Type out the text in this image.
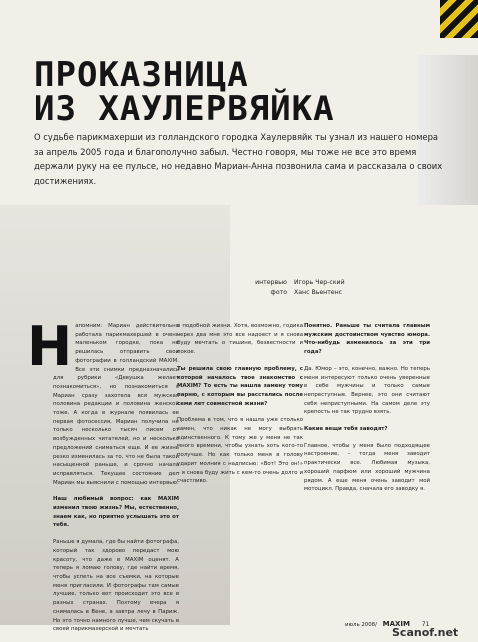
ПРОКАЗНИЦА
ИЗ ХАУЛЕРВЯЙКА
О судьбе парикмахерши из голландского городка Хаулервяйк ты узнал из нашего номера за апрель 2005 года и благополучно забыл. Честно говоря, мы тоже не все это время держали руку на ее пульсе, но недавно Мариан-Анна позвонила сама и рассказала о своих достижениях.
интервью Игорь Чер-ский
фото Ханс Вьентенс

Напомним: Мариан действительно работала парикмахершей в очень маленьком городке, пока не решилась отправить свои фотографии в голландский MAXIM. Все эти снимки предназначались для рубрики «Девушка желает познакомиться», но познакомиться с Мариан сразу захотела вся мужская половина редакции и половина женской тоже. А когда в журнале появилась ее первая фотосессия, Мариан получила не только несколько тысяч писем от возбужденных читателей, но и несколько предложений сниматься еще. И ее жизнь резко изменилась за то, что не была такой насыщенной раньше, и срочно начала исправляться. Текущее состояние дел Мариан мы выяснили с помощью интервью.

Наш любимый вопрос: как MAXIM изменил твою жизнь? Мы, естественно, знаем как, но приятно услышать это от тебя.

Раньше я думала, где бы найти фотографа, который так здорово передаст мою красоту, что даже в MAXIM оценят. А теперь я ломаю голову, где найти время, чтобы успеть на все съемки, на которые меня пригласили. И фотографы там самые лучшие, только вот происходит это все в разных странах. Позтому вчера я снималась в Вене, а завтра лечу в Париж. Но это точно намного лучше, чем скучать в своей парикмахерской и мечтать

о подобной жизни. Хотя, возможно, годика через два мне это все надоест и я снова буду мечтать о тишине, безвестности и покое.

Ты решила свою главную проблему, с которой началось твое знакомство с MAXIM? То есть ты нашла замену тому парню, с которым вы расстались после семи лет совместной жизни?

Проблема в том, что я нашла уже столько замен, что никак не могу выбрать единственного. К тому же у меня не так много времени, чтобы узнать хоть кого-то получше. Но как только меня в голову ударит молния с надписью: «Вот! Это он!» – я снова буду жить с кем-то очень долго и счастливо.

Понятно. Раньше ты считала главным мужским достоинством чувство юмора. Что-нибудь изменилось за эти три года?

Да. Юмор – это, конечно, важно. Но теперь меня интересуют только очень уверенные в себе мужчины и только самые непреступные. Вернее, это они считают себя неприступными. На самом деле эту крепость не так трудно взять.

Какие вещи тебя заводят?

Главное, чтобы у меня было подходящее настроение, – тогда меня заводит практически все. Любимая музыка, хороший парфюм или хороший мужчина рядом. А еще меня очень заводит мой мотоцикл. Правда, сначала его заводку я.

июль 2008/ MAXIM 71
Scanof.net
